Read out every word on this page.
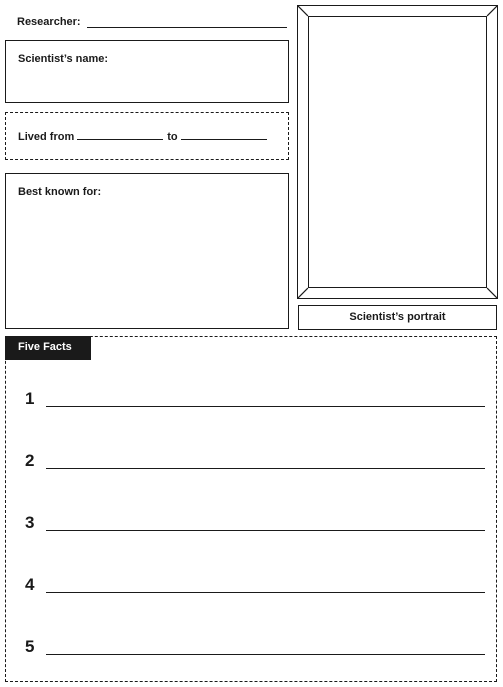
Researcher:
Scientist’s name:
Lived from	to
Best known for:
Scientist’s portrait
1
2
3
4
5
Five Facts
